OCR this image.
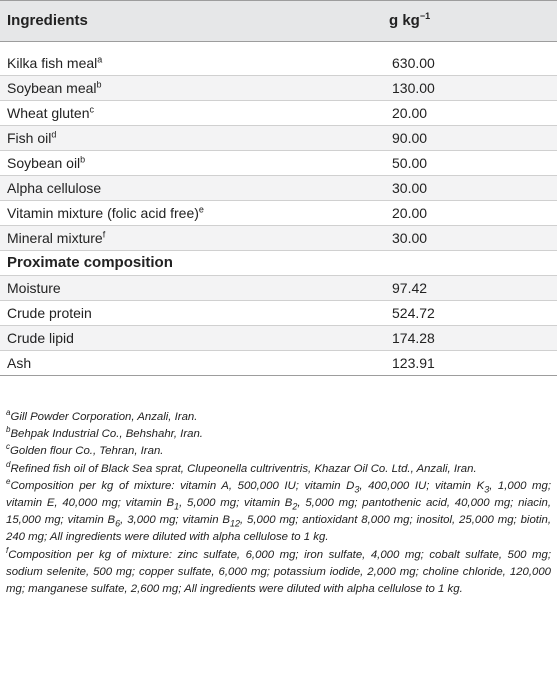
Ingredients	g $kg^{-1}$
Kilka fish meal$^a$	630.00
Soybean meal$^b$	130.00
Wheat gluten$^c$	20.00
Fish oil$^d$	90.00
Soybean oil$^b$	50.00
Alpha cellulose	30.00
Vitamin mixture (folic acid free)$^e$	20.00
Mineral mixture$^f$	30.00
Proximate composition
Moisture	97.42
Crude protein	524.72
Crude lipid	174.28
Ash	123.91

$^a$Gill Powder Corporation, Anzali, Iran.

$^b$Behpak Industrial Co., Behshahr, Iran.

$^c$Golden flour Co., Tehran, Iran.

$^d$Refined fish oil of Black Sea sprat, Clupeonella cultriventris, Khazar Oil Co. Ltd., Anzali, Iran.

$^e$Composition per kg of mixture: vitamin A, 500,000 IU; vitamin $D_3$, 400,000 IU; vitamin $K_3$, 1,000 mg; vitamin E, 40,000 mg; vitamin $B_1$, 5,000 mg; vitamin $B_2$, 5,000 mg; pantothenic acid, 40,000 mg; niacin, 15,000 mg; vitamin $B_6$, 3,000 mg; vitamin $B_{12}$, 5,000 mg; antioxidant 8,000 mg; inositol, 25,000 mg; biotin, 240 mg; All ingredients were diluted with alpha cellulose to 1 kg.

$^f$Composition per kg of mixture: zinc sulfate, 6,000 mg; iron sulfate, 4,000 mg; cobalt sulfate, 500 mg; sodium selenite, 500 mg; copper sulfate, 6,000 mg; potassium iodide, 2,000 mg; choline chloride, 120,000 mg; manganese sulfate, 2,600 mg; All ingredients were diluted with alpha cellulose to 1 kg.
